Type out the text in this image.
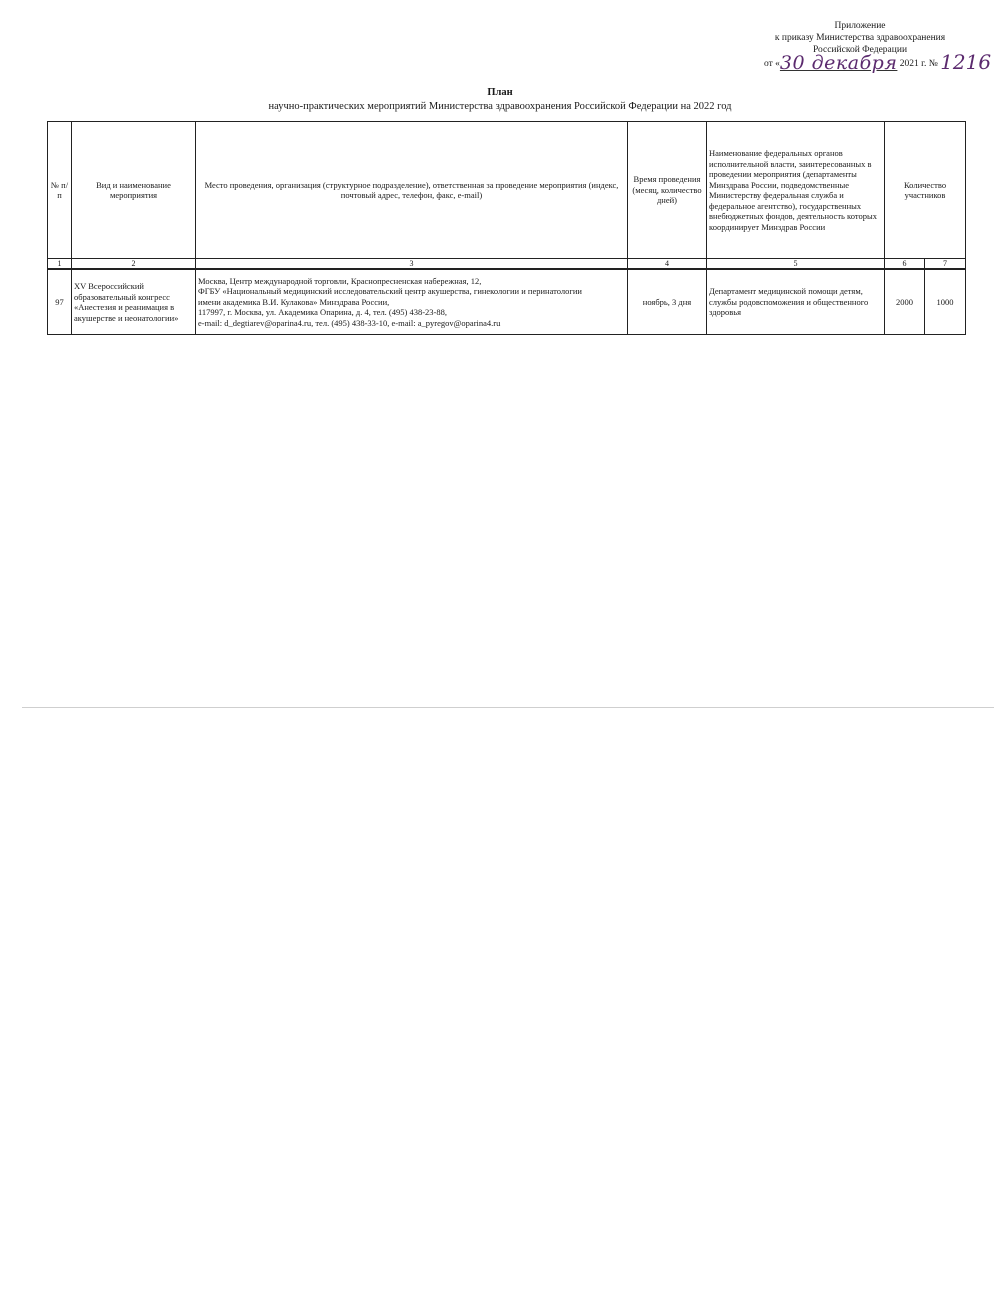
Приложение
к приказу Министерства здравоохранения
Российской Федерации
от «30 декабря 2021 г. № 1216
План
научно-практических мероприятий Министерства здравоохранения Российской Федерации на 2022 год
№ п/п	Вид и наименование мероприятия	Место проведения, организация (структурное подразделение), ответственная за проведение мероприятия (индекс, почтовый адрес, телефон, факс, e-mail)	Время проведения (месяц, количество дней)	Наименование федеральных органов исполнительной власти, заинтересованных в проведении мероприятия (департаменты Минздрава России, подведомственные Министерству федеральная служба и федеральное агентство), государственных внебюджетных фондов, деятельность которых координирует Минздрав России	Количество участников	
1	2	3	4	5	6	7
97	XV Всероссийский образовательный конгресс «Анестезия и реанимация в акушерстве и неонатологии»	Москва, Центр международной торговли, Краснопресненская набережная, 12,
ФГБУ «Национальный медицинский исследовательский центр акушерства, гинекологии и перинатологии
имени академика В.И. Кулакова» Минздрава России,
117997, г. Москва, ул. Академика Опарина, д. 4, тел. (495) 438-23-88,
e-mail: d_degtiarev@oparina4.ru, тел. (495) 438-33-10, e-mail: a_pyregov@oparina4.ru	ноябрь, 3 дня	Департамент медицинской помощи детям, службы родовспоможения и общественного здоровья	2000	1000
